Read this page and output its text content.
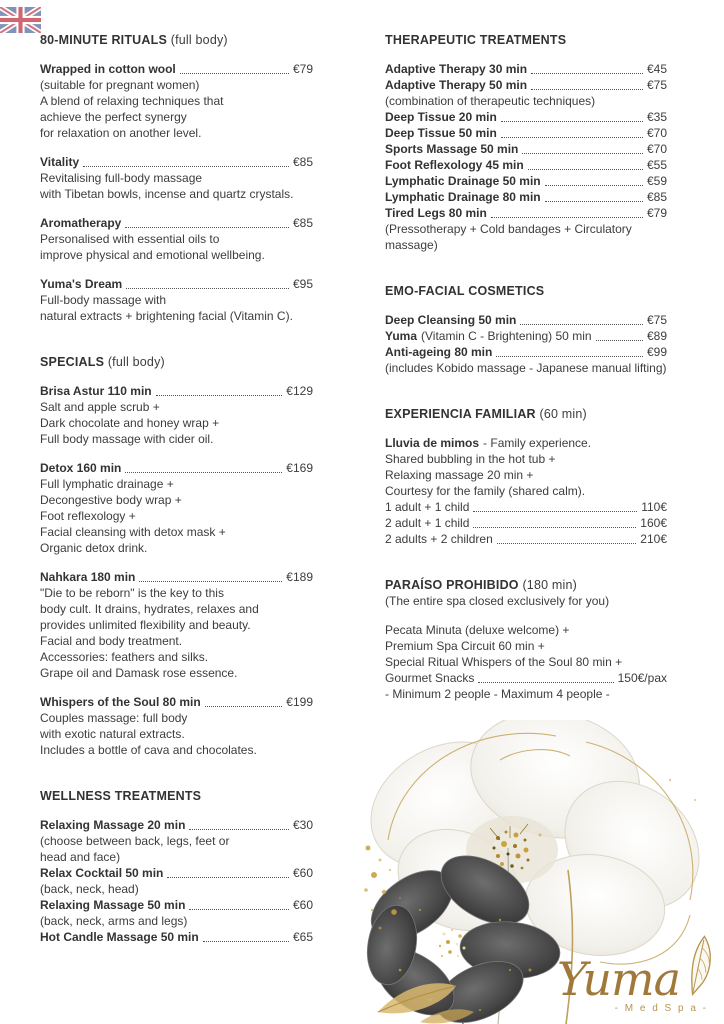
80-MINUTE RITUALS (full body)
Wrapped in cotton wool	€79
(suitable for pregnant women)
A blend of relaxing techniques that
achieve the perfect synergy
for relaxation on another level.
Vitality	€85
Revitalising full-body massage
with Tibetan bowls, incense and quartz crystals.
Aromatherapy	€85
Personalised with essential oils to
improve physical and emotional wellbeing.
Yuma's Dream	€95
Full-body massage with
natural extracts + brightening facial (Vitamin C).
SPECIALS (full body)
Brisa Astur 110 min	€129
Salt and apple scrub +
Dark chocolate and honey wrap +
Full body massage with cider oil.
Detox 160 min	€169
Full lymphatic drainage +
Decongestive body wrap +
Foot reflexology +
Facial cleansing with detox mask +
Organic detox drink.
Nahkara 180 min	€189
"Die to be reborn" is the key to this
body cult. It drains, hydrates, relaxes and
provides unlimited flexibility and beauty.
Facial and body treatment.
Accessories: feathers and silks.
Grape oil and Damask rose essence.
Whispers of the Soul 80 min	€199
Couples massage: full body
with exotic natural extracts.
Includes a bottle of cava and chocolates.
WELLNESS TREATMENTS
Relaxing Massage 20 min	€30
(choose between back, legs, feet or
head and face)
Relax Cocktail 50 min	€60
(back, neck, head)
Relaxing Massage 50 min	€60
(back, neck, arms and legs)
Hot Candle Massage 50 min	€65
THERAPEUTIC TREATMENTS
Adaptive Therapy 30 min	€45
Adaptive Therapy 50 min	€75
(combination of therapeutic techniques)
Deep Tissue 20 min	€35
Deep Tissue 50 min	€70
Sports Massage 50 min	€70
Foot Reflexology 45 min	€55
Lymphatic Drainage 50 min	€59
Lymphatic Drainage 80 min	€85
Tired Legs 80 min	€79
(Pressotherapy + Cold bandages + Circulatory
massage)
EMO-FACIAL COSMETICS
Deep Cleansing 50 min	€75
Yuma (Vitamin C - Brightening) 50 min	€89
Anti-ageing 80 min	€99
(includes Kobido massage - Japanese manual lifting)
EXPERIENCIA FAMILIAR (60 min)
Lluvia de mimos - Family experience.
Shared bubbling in the hot tub +
Relaxing massage 20 min +
Courtesy for the family (shared calm).
1 adult + 1 child	110€
2 adult + 1 child	160€
2 adults + 2 children	210€
PARAÍSO PROHIBIDO (180 min)
(The entire spa closed exclusively for you)
Pecata Minuta (deluxe welcome) +
Premium Spa Circuit 60 min +
Special Ritual Whispers of the Soul 80 min +
Gourmet Snacks	150€/pax
- Minimum 2 people - Maximum 4 people -
Yuma
- M e d S p a -
